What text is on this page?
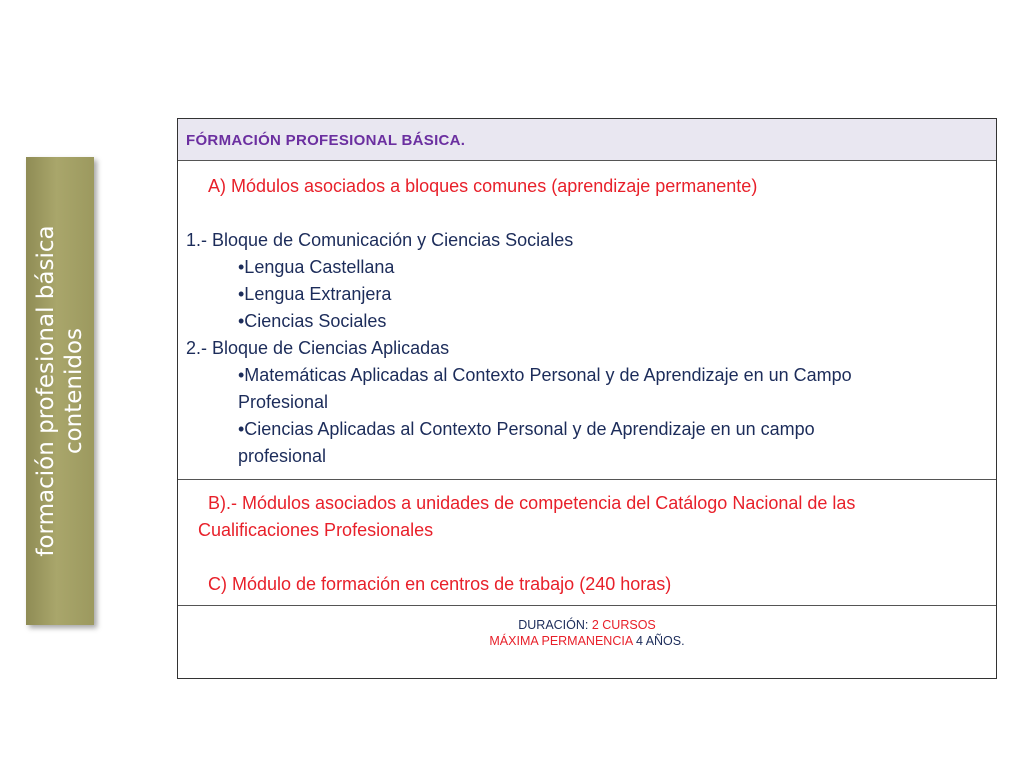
formación profesional básica contenidos
FÓRMACIÓN PROFESIONAL BÁSICA.
A) Módulos asociados a bloques comunes (aprendizaje permanente)
1.- Bloque de Comunicación y Ciencias Sociales
•Lengua Castellana
•Lengua Extranjera
•Ciencias Sociales
2.- Bloque de Ciencias Aplicadas
•Matemáticas Aplicadas al Contexto Personal y de Aprendizaje en un Campo
Profesional
•Ciencias Aplicadas al Contexto Personal y de Aprendizaje en un campo
profesional
B).- Módulos asociados a unidades de competencia del Catálogo Nacional de las
Cualificaciones Profesionales
C) Módulo de formación en centros de trabajo (240 horas)
DURACIÓN: 2 CURSOS
MÁXIMA PERMANENCIA 4 AÑOS.
